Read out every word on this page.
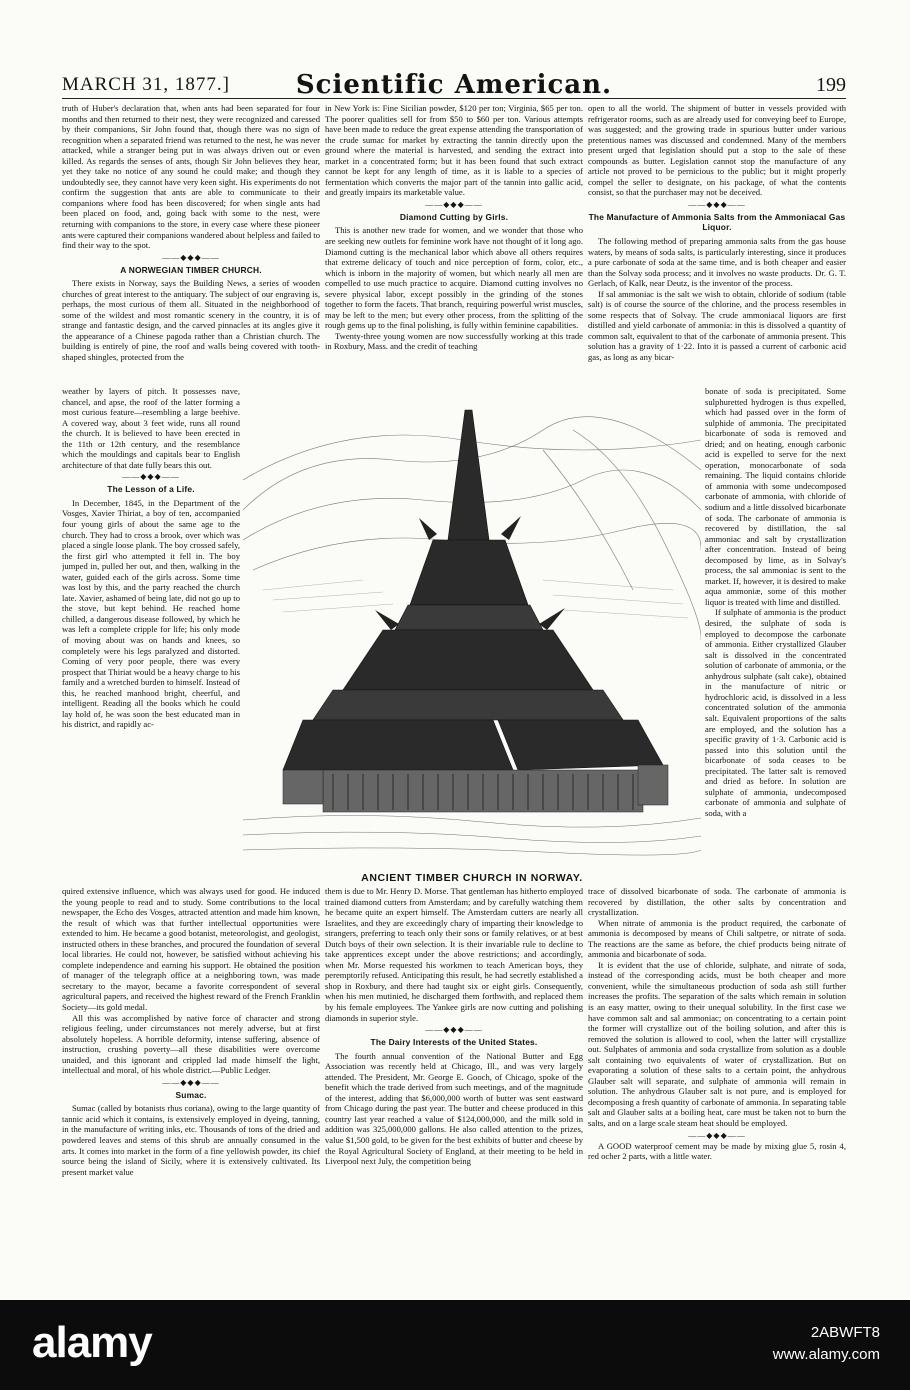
MARCH 31, 1877.]	Scientific American.	199

truth of Huber's declaration that, when ants had been separated for four months and then returned to their nest, they were recognized and caressed by their companions, Sir John found that, though there was no sign of recognition when a separated friend was returned to the nest, he was never attacked, while a stranger being put in was always driven out or even killed. As regards the senses of ants, though Sir John believes they hear, yet they take no notice of any sound he could make; and though they undoubtedly see, they cannot have very keen sight. His experiments do not confirm the suggestion that ants are able to communicate to their companions where food has been discovered; for when single ants had been placed on food, and, going back with some to the nest, were returning with companions to the store, in every case where these pioneer ants were captured their companions wandered about helpless and failed to find their way to the spot.

——◆◆◆——
A NORWEGIAN TIMBER CHURCH.

There exists in Norway, says the Building News, a series of wooden churches of great interest to the antiquary. The subject of our engraving is, perhaps, the most curious of them all. Situated in the neighborhood of some of the wildest and most romantic scenery in the country, it is of strange and fantastic design, and the carved pinnacles at its angles give it the appearance of a Chinese pagoda rather than a Christian church. The building is entirely of pine, the roof and walls being covered with tooth-shaped shingles, protected from the

weather by layers of pitch. It possesses nave, chancel, and apse, the roof of the latter forming a most curious feature—resembling a large beehive. A covered way, about 3 feet wide, runs all round the church. It is believed to have been erected in the 11th or 12th century, and the resemblance which the mouldings and capitals bear to English architecture of that date fully bears this out.

——◆◆◆——
The Lesson of a Life.

In December, 1845, in the Department of the Vosges, Xavier Thiriat, a boy of ten, accompanied four young girls of about the same age to the church. They had to cross a brook, over which was placed a single loose plank. The boy crossed safely, the first girl who attempted it fell in. The boy jumped in, pulled her out, and then, walking in the water, guided each of the girls across. Some time was lost by this, and the party reached the church late. Xavier, ashamed of being late, did not go up to the stove, but kept behind. He reached home chilled, a dangerous disease followed, by which he was left a complete cripple for life; his only mode of moving about was on hands and knees, so completely were his legs paralyzed and distorted. Coming of very poor people, there was every prospect that Thiriat would be a heavy charge to his family and a wretched burden to himself. Instead of this, he reached manhood bright, cheerful, and intelligent. Reading all the books which he could lay hold of, he was soon the best educated man in his district, and rapidly ac-

quired extensive influence, which was always used for good. He induced the young people to read and to study. Some contributions to the local newspaper, the Echo des Vosges, attracted attention and made him known, the result of which was that further intellectual opportunities were extended to him. He became a good botanist, meteorologist, and geologist, instructed others in these branches, and procured the foundation of several local libraries. He could not, however, be satisfied without achieving his complete independence and earning his support. He obtained the position of manager of the telegraph office at a neighboring town, was made secretary to the mayor, became a favorite correspondent of several agricultural papers, and received the highest reward of the French Franklin Society—its gold medal.

All this was accomplished by native force of character and strong religious feeling, under circumstances not merely adverse, but at first absolutely hopeless. A horrible deformity, intense suffering, absence of instruction, crushing poverty—all these disabilities were overcome unaided, and this ignorant and crippled lad made himself the light, intellectual and moral, of his whole district.—Public Ledger.

——◆◆◆——
Sumac.

Sumac (called by botanists rhus coriana), owing to the large quantity of tannic acid which it contains, is extensively employed in dyeing, tanning, in the manufacture of writing inks, etc. Thousands of tons of the dried and powdered leaves and stems of this shrub are annually consumed in the arts. It comes into market in the form of a fine yellowish powder, its chief source being the island of Sicily, where it is extensively cultivated. Its present market value

in New York is: Fine Sicilian powder, $120 per ton; Virginia, $65 per ton. The poorer qualities sell for from $50 to $60 per ton. Various attempts have been made to reduce the great expense attending the transportation of the crude sumac for market by extracting the tannin directly upon the ground where the material is harvested, and sending the extract into market in a concentrated form; but it has been found that such extract cannot be kept for any length of time, as it is liable to a species of fermentation which converts the major part of the tannin into gallic acid, and greatly impairs its marketable value.

——◆◆◆——
Diamond Cutting by Girls.

This is another new trade for women, and we wonder that those who are seeking new outlets for feminine work have not thought of it long ago. Diamond cutting is the mechanical labor which above all others requires that extreme delicacy of touch and nice perception of form, color, etc., which is inborn in the majority of women, but which nearly all men are compelled to use much practice to acquire. Diamond cutting involves no severe physical labor, except possibly in the grinding of the stones together to form the facets. That branch, requiring powerful wrist muscles, may be left to the men; but every other process, from the splitting of the rough gems up to the final polishing, is fully within feminine capabilities.

Twenty-three young women are now successfully working at this trade in Roxbury, Mass. and the credit of teaching

open to all the world. The shipment of butter in vessels provided with refrigerator rooms, such as are already used for conveying beef to Europe, was suggested; and the growing trade in spurious butter under various pretentious names was discussed and condemned. Many of the members present urged that legislation should put a stop to the sale of these compounds as butter. Legislation cannot stop the manufacture of any article not proved to be pernicious to the public; but it might properly compel the seller to designate, on his package, of what the contents consist, so that the purchaser may not be deceived.

——◆◆◆——
The Manufacture of Ammonia Salts from the Ammoniacal Gas Liquor.

The following method of preparing ammonia salts from the gas house waters, by means of soda salts, is particularly interesting, since it produces a pure carbonate of soda at the same time, and is both cheaper and easier than the Solvay soda process; and it involves no waste products. Dr. G. T. Gerlach, of Kalk, near Deutz, is the inventor of the process.

If sal ammoniac is the salt we wish to obtain, chloride of sodium (table salt) is of course the source of the chlorine, and the process resembles in some respects that of Solvay. The crude ammoniacal liquors are first distilled and yield carbonate of ammonia: in this is dissolved a quantity of common salt, equivalent to that of the carbonate of ammonia present. This solution has a gravity of 1·22. Into it is passed a current of carbonic acid gas, as long as any bicar-

ANCIENT TIMBER CHURCH IN NORWAY.

bonate of soda is precipitated. Some sulphuretted hydrogen is thus expelled, which had passed over in the form of sulphide of ammonia. The precipitated bicarbonate of soda is removed and dried; and on heating, enough carbonic acid is expelled to serve for the next operation, monocarbonate of soda remaining. The liquid contains chloride of ammonia with some undecomposed carbonate of ammonia, with chloride of sodium and a little dissolved bicarbonate of soda. The carbonate of ammonia is recovered by distillation, the sal ammoniac and salt by crystallization after concentration. Instead of being decomposed by lime, as in Solvay's process, the sal ammoniac is sent to the market. If, however, it is desired to make aqua ammoniæ, some of this mother liquor is treated with lime and distilled.

If sulphate of ammonia is the product desired, the sulphate of soda is employed to decompose the carbonate of ammonia. Either crystallized Glauber salt is dissolved in the concentrated solution of carbonate of ammonia, or the anhydrous sulphate (salt cake), obtained in the manufacture of nitric or hydrochloric acid, is dissolved in a less concentrated solution of the ammonia salt. Equivalent proportions of the salts are employed, and the solution has a specific gravity of 1·3. Carbonic acid is passed into this solution until the bicarbonate of soda ceases to be precipitated. The latter salt is removed and dried as before. In solution are sulphate of ammonia, undecomposed carbonate of ammonia and sulphate of soda, with a

them is due to Mr. Henry D. Morse. That gentleman has hitherto employed trained diamond cutters from Amsterdam; and by carefully watching them he became quite an expert himself. The Amsterdam cutters are nearly all Israelites, and they are exceedingly chary of imparting their knowledge to strangers, preferring to teach only their sons or family relatives, or at best Dutch boys of their own selection. It is their invariable rule to decline to take apprentices except under the above restrictions; and accordingly, when Mr. Morse requested his workmen to teach American boys, they peremptorily refused. Anticipating this result, he had secretly established a shop in Roxbury, and there had taught six or eight girls. Consequently, when his men mutinied, he discharged them forthwith, and replaced them by his female employees. The Yankee girls are now cutting and polishing diamonds in superior style.

——◆◆◆——
The Dairy Interests of the United States.

The fourth annual convention of the National Butter and Egg Association was recently held at Chicago, Ill., and was very largely attended. The President, Mr. George E. Gooch, of Chicago, spoke of the benefit which the trade derived from such meetings, and of the magnitude of the interest, adding that $6,000,000 worth of butter was sent eastward from Chicago during the past year. The butter and cheese produced in this country last year reached a value of $124,000,000, and the milk sold in addition was 325,000,000 gallons. He also called attention to the prizes, value $1,500 gold, to be given for the best exhibits of butter and cheese by the Royal Agricultural Society of England, at their meeting to be held in Liverpool next July, the competition being

trace of dissolved bicarbonate of soda. The carbonate of ammonia is recovered by distillation, the other salts by concentration and crystallization.

When nitrate of ammonia is the product required, the carbonate of ammonia is decomposed by means of Chili saltpetre, or nitrate of soda. The reactions are the same as before, the chief products being nitrate of ammonia and bicarbonate of soda.

It is evident that the use of chloride, sulphate, and nitrate of soda, instead of the corresponding acids, must be both cheaper and more convenient, while the simultaneous production of soda ash still further increases the profits. The separation of the salts which remain in solution is an easy matter, owing to their unequal solubility. In the first case we have common salt and sal ammoniac; on concentrating to a certain point the former will crystallize out of the boiling solution, and after this is removed the solution is allowed to cool, when the latter will crystallize out. Sulphates of ammonia and soda crystallize from solution as a double salt containing two equivalents of water of crystallization. But on evaporating a solution of these salts to a certain point, the anhydrous Glauber salt will separate, and sulphate of ammonia will remain in solution. The anhydrous Glauber salt is not pure, and is employed for decomposing a fresh quantity of carbonate of ammonia. In separating table salt and Glauber salts at a boiling heat, care must be taken not to burn the salts, and on a large scale steam heat should be employed.

——◆◆◆——

A GOOD waterproof cement may be made by mixing glue 5, rosin 4, red ocher 2 parts, with a little water.

alamy	2ABWFT8
www.alamy.com
